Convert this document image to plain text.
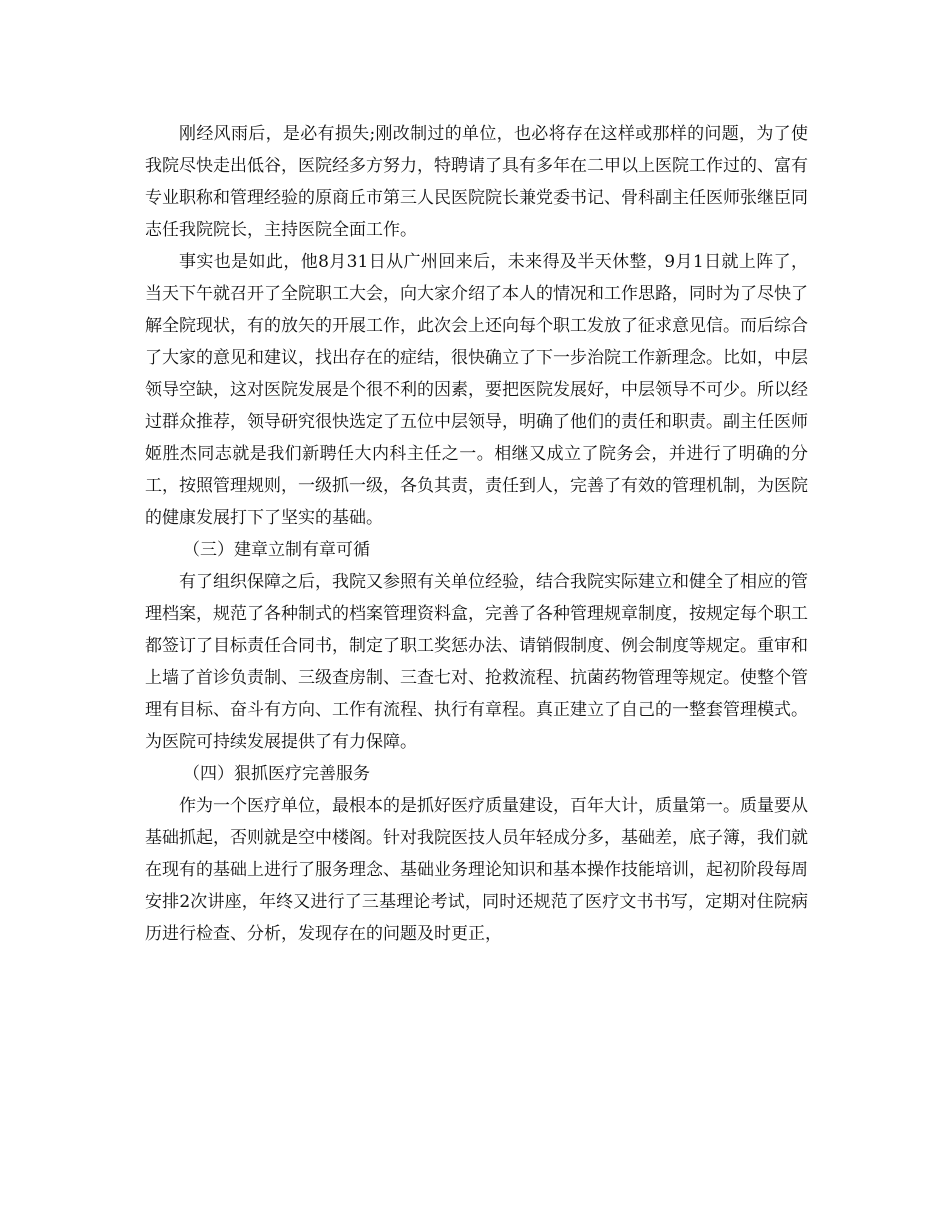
刚经风雨后，是必有损失;刚改制过的单位，也必将存在这样或那样的问题，为了使我院尽快走出低谷，医院经多方努力，特聘请了具有多年在二甲以上医院工作过的、富有专业职称和管理经验的原商丘市第三人民医院院长兼党委书记、骨科副主任医师张继臣同志任我院院长，主持医院全面工作。

事实也是如此，他8月31日从广州回来后，未来得及半天休整，9月1日就上阵了，当天下午就召开了全院职工大会，向大家介绍了本人的情况和工作思路，同时为了尽快了解全院现状，有的放矢的开展工作，此次会上还向每个职工发放了征求意见信。而后综合了大家的意见和建议，找出存在的症结，很快确立了下一步治院工作新理念。比如，中层领导空缺，这对医院发展是个很不利的因素，要把医院发展好，中层领导不可少。所以经过群众推荐，领导研究很快选定了五位中层领导，明确了他们的责任和职责。副主任医师姬胜杰同志就是我们新聘任大内科主任之一。相继又成立了院务会，并进行了明确的分工，按照管理规则，一级抓一级，各负其责，责任到人，完善了有效的管理机制，为医院的健康发展打下了坚实的基础。

（三）建章立制有章可循

有了组织保障之后，我院又参照有关单位经验，结合我院实际建立和健全了相应的管理档案，规范了各种制式的档案管理资料盒，完善了各种管理规章制度，按规定每个职工都签订了目标责任合同书，制定了职工奖惩办法、请销假制度、例会制度等规定。重审和上墙了首诊负责制、三级查房制、三查七对、抢救流程、抗菌药物管理等规定。使整个管理有目标、奋斗有方向、工作有流程、执行有章程。真正建立了自己的一整套管理模式。为医院可持续发展提供了有力保障。

（四）狠抓医疗完善服务

作为一个医疗单位，最根本的是抓好医疗质量建设，百年大计，质量第一。质量要从基础抓起，否则就是空中楼阁。针对我院医技人员年轻成分多，基础差，底子簿，我们就在现有的基础上进行了服务理念、基础业务理论知识和基本操作技能培训，起初阶段每周安排2次讲座，年终又进行了三基理论考试，同时还规范了医疗文书书写，定期对住院病历进行检查、分析，发现存在的问题及时更正，
